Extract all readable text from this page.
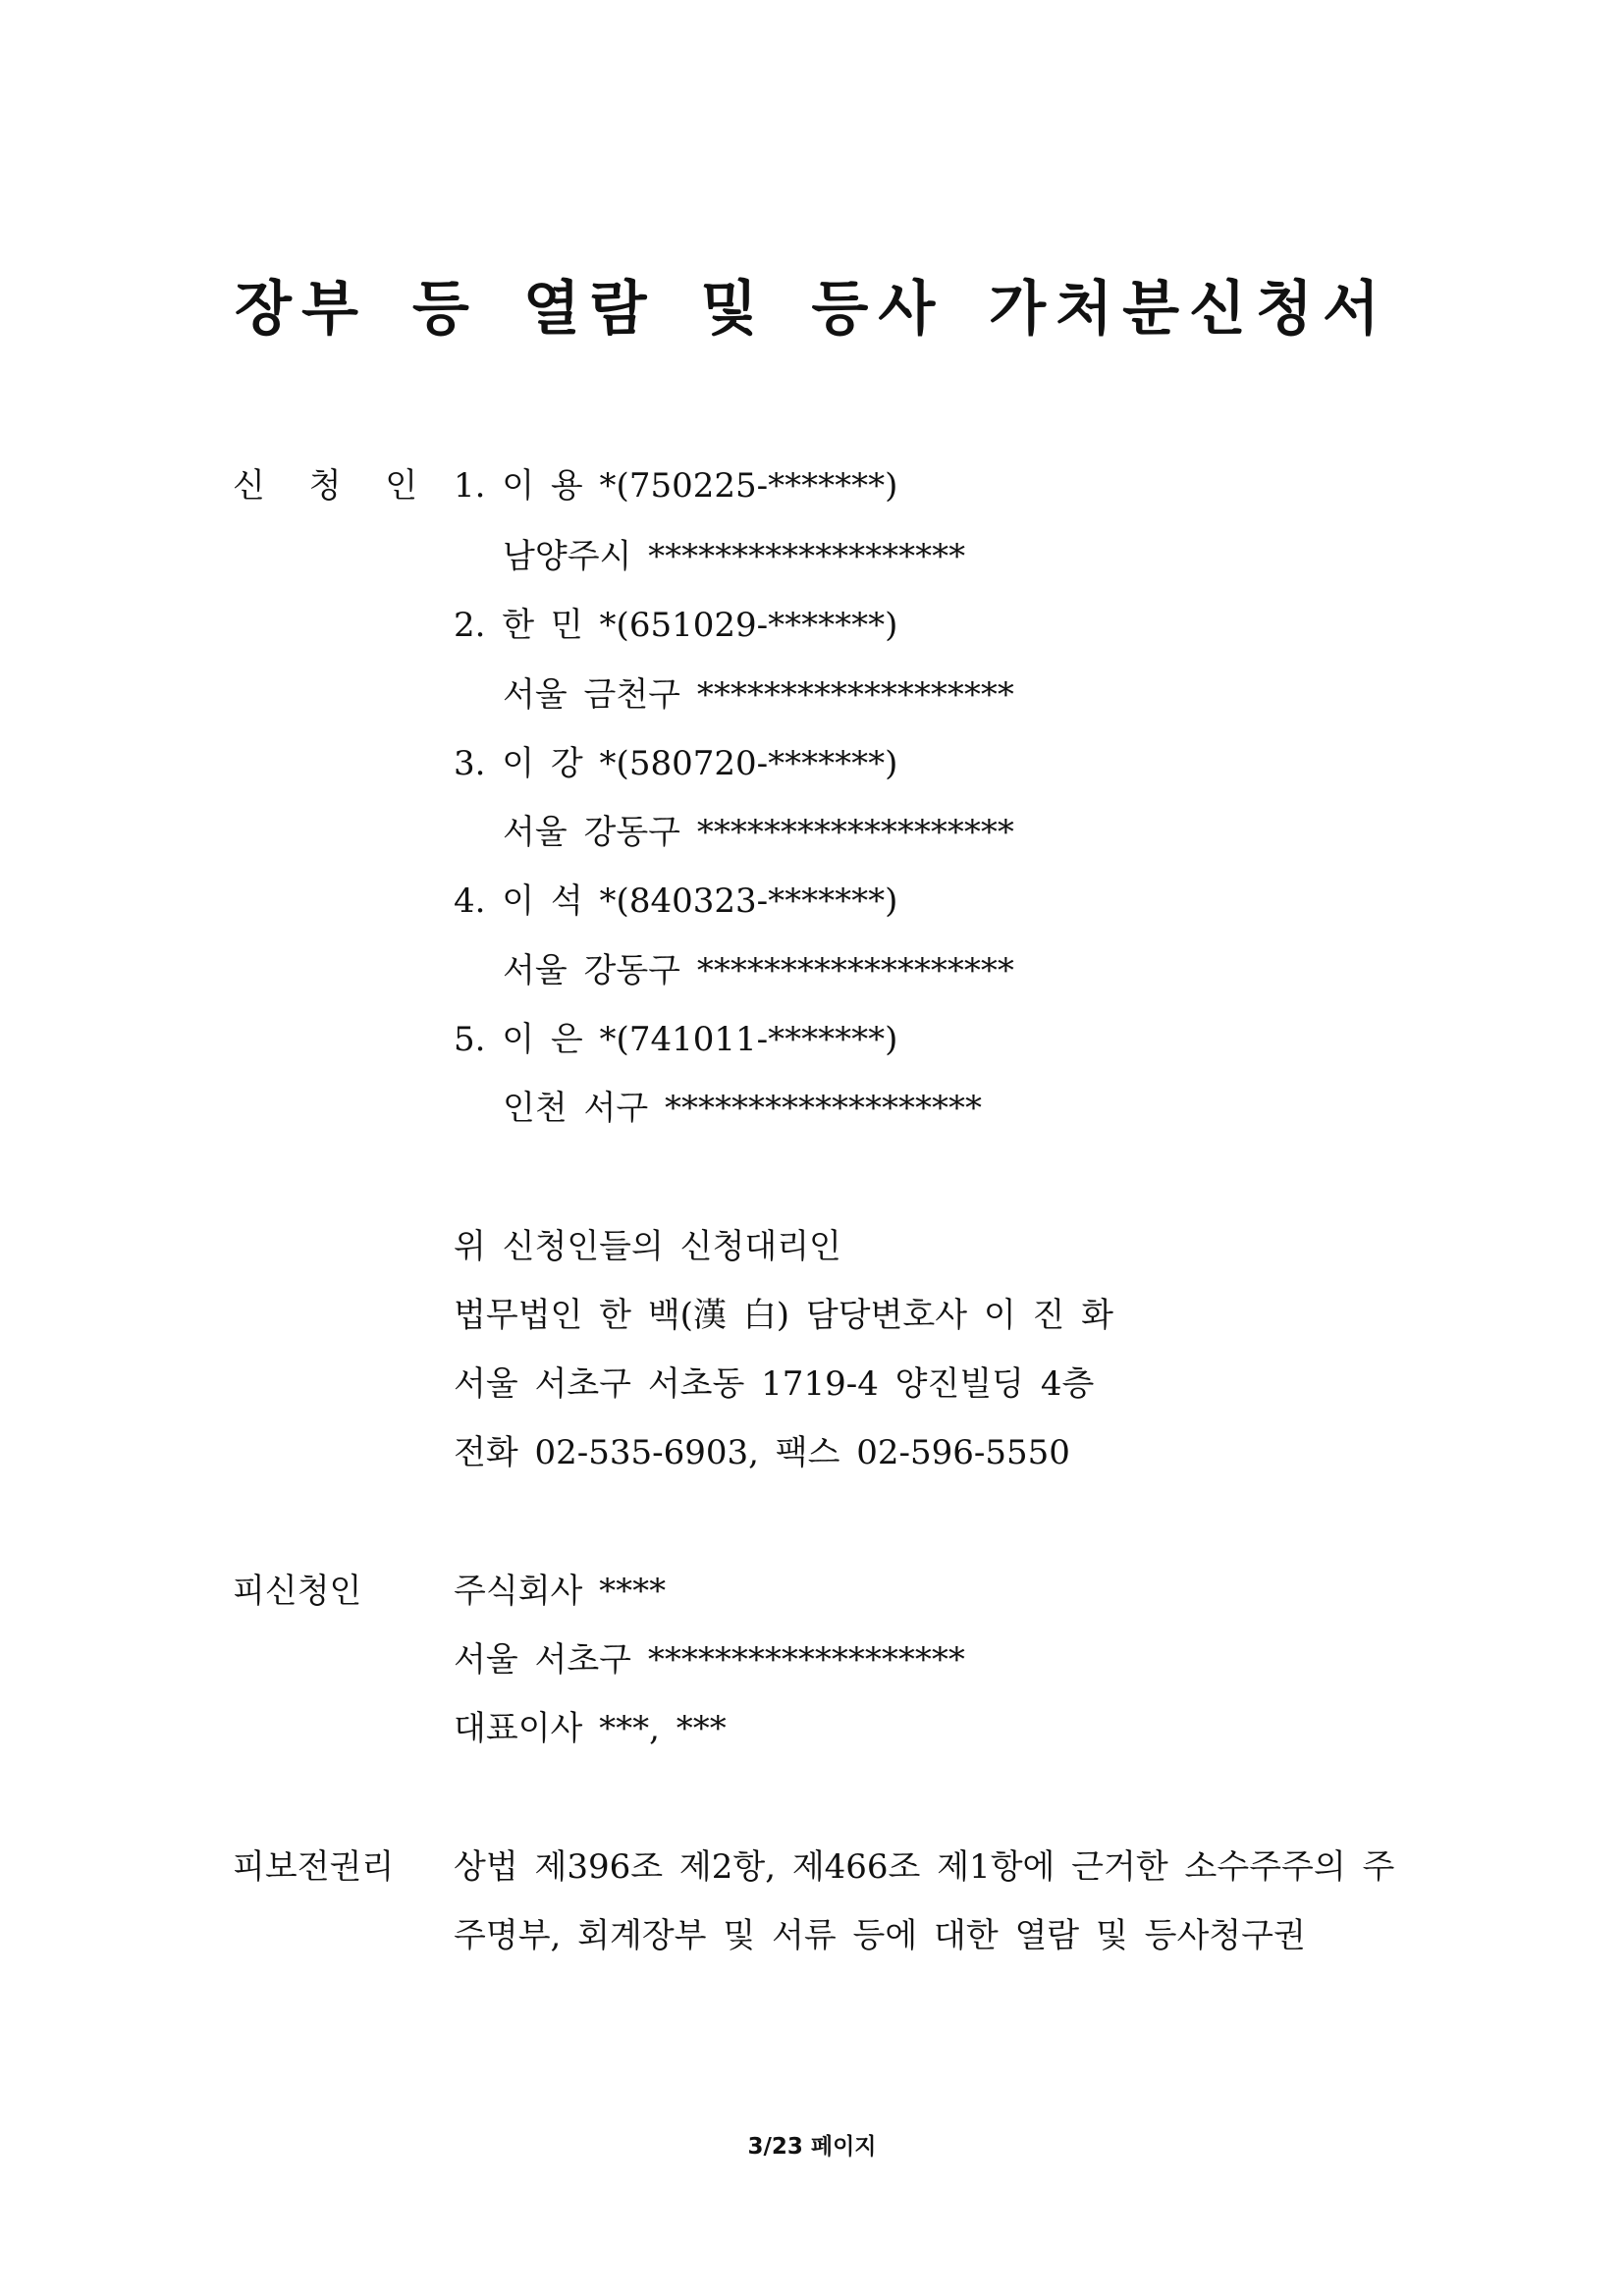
장부 등 열람 및 등사 가처분신청서
신 청 인 1. 이 용 *(750225-*******)
남양주시 *******************
2. 한 민 *(651029-*******)
서울 금천구 *******************
3. 이 강 *(580720-*******)
서울 강동구 *******************
4. 이 석 *(840323-*******)
서울 강동구 *******************
5. 이 은 *(741011-*******)
인천 서구 *******************
위 신청인들의 신청대리인
법무법인 한 백(漢 白) 담당변호사 이 진 화
서울 서초구 서초동 1719-4 양진빌딩 4층
전화 02-535-6903, 팩스 02-596-5550
피신청인	주식회사 ****
서울 서초구 *******************
대표이사 ***, ***
피보전권리 상법 제396조 제2항, 제466조 제1항에 근거한 소수주주의 주
주명부, 회계장부 및 서류 등에 대한 열람 및 등사청구권
3/23 페이지
